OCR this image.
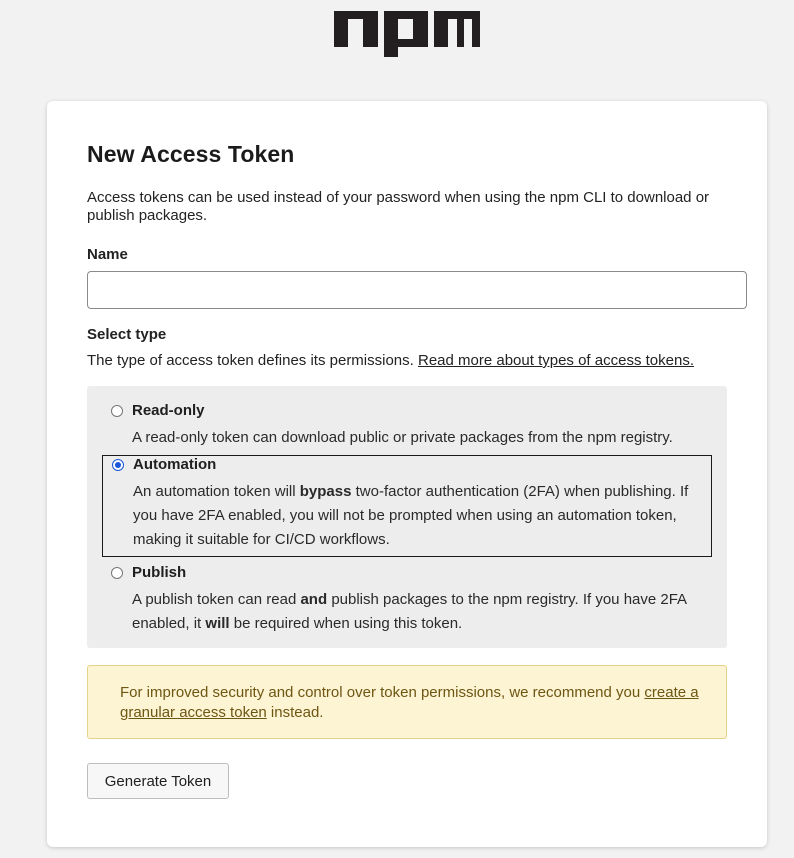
New Access Token
Access tokens can be used instead of your password when using the npm CLI to download or publish packages.
Name
Select type
The type of access token defines its permissions. Read more about types of access tokens.
Read-only
A read-only token can download public or private packages from the npm registry.
Automation
An automation token will bypass two-factor authentication (2FA) when publishing. If you have 2FA enabled, you will not be prompted when using an automation token, making it suitable for CI/CD workflows.
Publish
A publish token can read and publish packages to the npm registry. If you have 2FA enabled, it will be required when using this token.
For improved security and control over token permissions, we recommend you create a granular access token instead.
Generate Token
